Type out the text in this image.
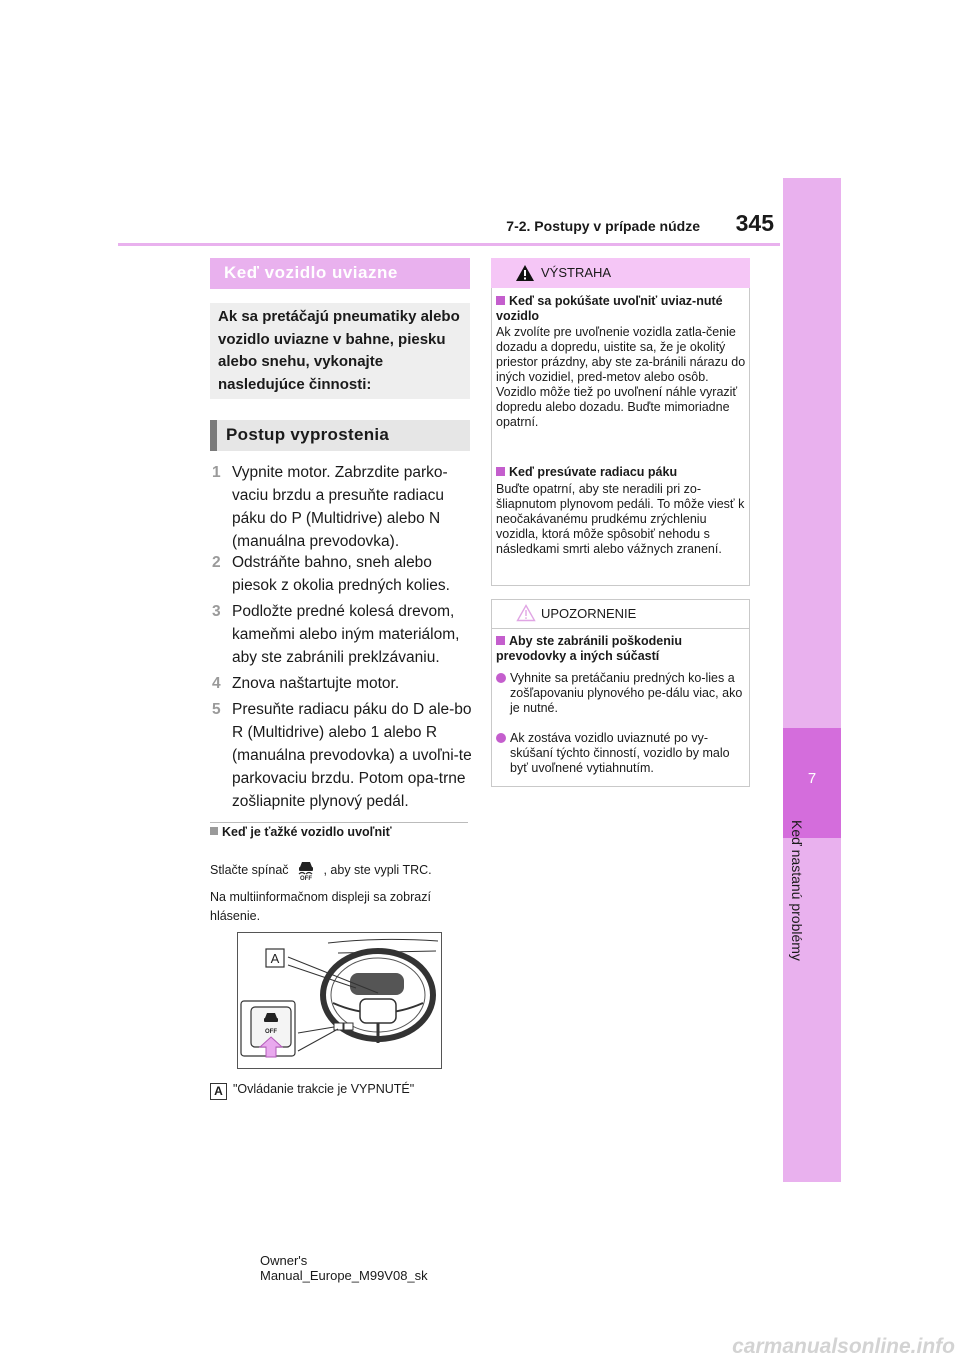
7
Keď nastanú problémy
7-2. Postupy v prípade núdze	345
Keď vozidlo uviazne
Ak sa pretáčajú pneumatiky alebo vozidlo uviazne v bahne, piesku alebo snehu, vykonajte nasledujúce činnosti:
Postup vyprostenia
1 Vypnite motor. Zabrzdite parko-vaciu brzdu a presuňte radiacu páku do P (Multidrive) alebo N (manuálna prevodovka).
2 Odstráňte bahno, sneh alebo piesok z okolia predných kolies.
3 Podložte predné kolesá drevom, kameňmi alebo iným materiálom, aby ste zabránili preklzávaniu.
4 Znova naštartujte motor.
5 Presuňte radiacu páku do D ale-bo R (Multidrive) alebo 1 alebo R (manuálna prevodovka) a uvoľni-te parkovaciu brzdu. Potom opa-trne zošliapnite plynový pedál.
Keď je ťažké vozidlo uvoľniť
Stlačte spínač
OFF
, aby ste vypli TRC.
Na multiinformačnom displeji sa zobrazí hlásenie.
A
OFF
A "Ovládanie trakcie je VYPNUTÉ"
VÝSTRAHA
Keď sa pokúšate uvoľniť uviaz-nuté vozidlo
Ak zvolíte pre uvoľnenie vozidla zatla-čenie dozadu a dopredu, uistite sa, že je okolitý priestor prázdny, aby ste za-bránili nárazu do iných vozidiel, pred-metov alebo osôb. Vozidlo môže tiež po uvoľnení náhle vyraziť dopredu alebo dozadu. Buďte mimoriadne opatrní.
Keď presúvate radiacu páku
Buďte opatrní, aby ste neradili pri zo-šliapnutom plynovom pedáli. To môže viesť k neočakávanému prudkému zrýchleniu vozidla, ktorá môže spôsobiť nehodu s následkami smrti alebo vážnych zranení.
UPOZORNENIE
Aby ste zabránili poškodeniu prevodovky a iných súčastí
Vyhnite sa pretáčaniu predných ko-lies a zošľapovaniu plynového pe-dálu viac, ako je nutné.
Ak zostáva vozidlo uviaznuté po vy-skúšaní týchto činností, vozidlo by malo byť uvoľnené vytiahnutím.
Owner's Manual_Europe_M99V08_sk
carmanualsonline.info
